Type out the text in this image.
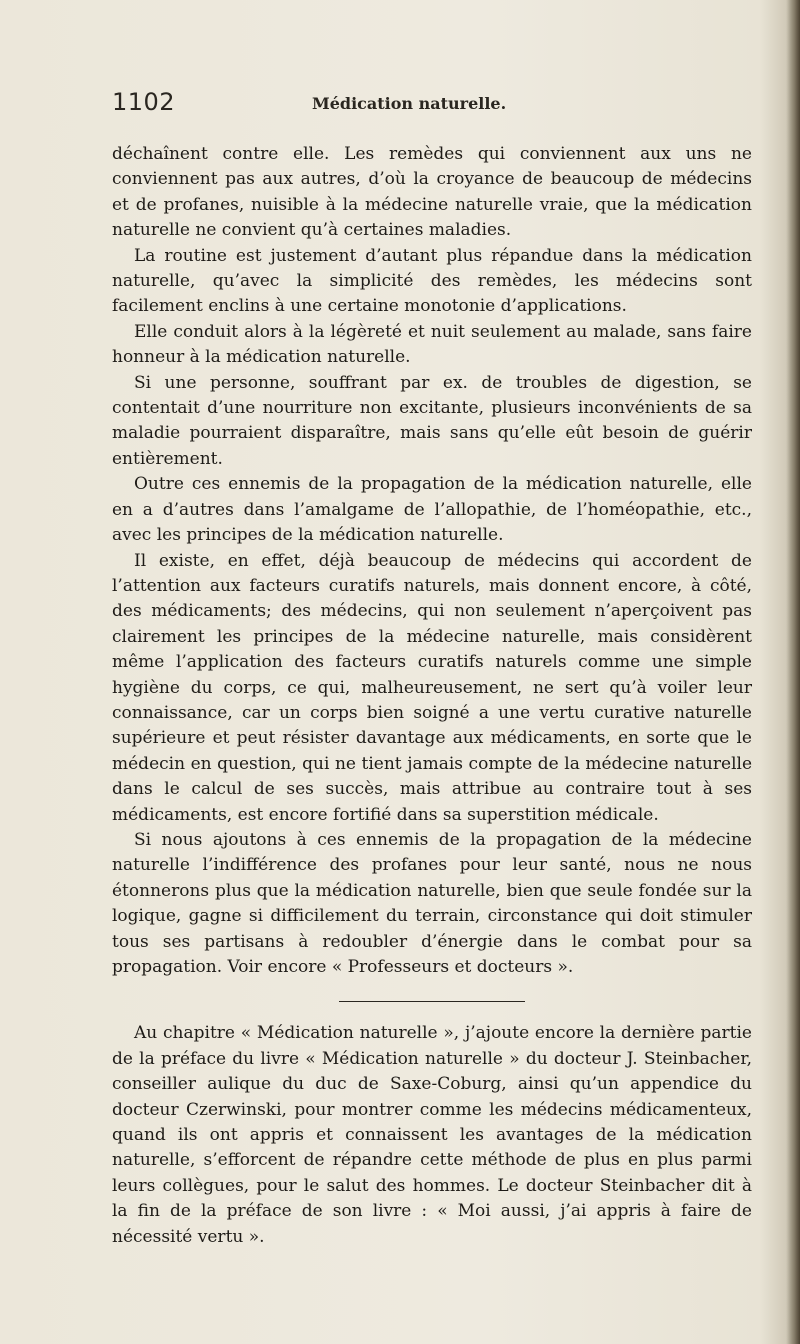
1102	Médication naturelle.

déchaînent contre elle. Les remèdes qui conviennent aux uns ne conviennent pas aux autres, d’où la croyance de beaucoup de médecins et de profanes, nuisible à la médecine naturelle vraie, que la médication naturelle ne convient qu’à certaines maladies.

La routine est justement d’autant plus répandue dans la médication naturelle, qu’avec la simplicité des remèdes, les médecins sont facilement enclins à une certaine monotonie d’applications.

Elle conduit alors à la légèreté et nuit seulement au malade, sans faire honneur à la médication naturelle.

Si une personne, souffrant par ex. de troubles de digestion, se contentait d’une nourriture non excitante, plusieurs inconvénients de sa maladie pourraient disparaître, mais sans qu’elle eût besoin de guérir entièrement.

Outre ces ennemis de la propagation de la médication naturelle, elle en a d’autres dans l’amalgame de l’allopathie, de l’homéopathie, etc., avec les principes de la médication naturelle.

Il existe, en effet, déjà beaucoup de médecins qui accordent de l’attention aux facteurs curatifs naturels, mais donnent encore, à côté, des médicaments; des médecins, qui non seulement n’aperçoivent pas clairement les principes de la médecine naturelle, mais considèrent même l’application des facteurs curatifs naturels comme une simple hygiène du corps, ce qui, malheureusement, ne sert qu’à voiler leur connaissance, car un corps bien soigné a une vertu curative naturelle supérieure et peut résister davantage aux médicaments, en sorte que le médecin en question, qui ne tient jamais compte de la médecine naturelle dans le calcul de ses succès, mais attribue au contraire tout à ses médicaments, est encore fortifié dans sa superstition médicale.

Si nous ajoutons à ces ennemis de la propagation de la médecine naturelle l’indifférence des profanes pour leur santé, nous ne nous étonnerons plus que la médication naturelle, bien que seule fondée sur la logique, gagne si difficilement du terrain, circonstance qui doit stimuler tous ses partisans à redoubler d’énergie dans le combat pour sa propagation. Voir encore « Professeurs et docteurs ».

Au chapitre « Médication naturelle », j’ajoute encore la dernière partie de la préface du livre « Médication naturelle » du docteur J. Steinbacher, conseiller aulique du duc de Saxe-Coburg, ainsi qu’un appendice du docteur Czerwinski, pour montrer comme les médecins médicamenteux, quand ils ont appris et connaissent les avantages de la médication naturelle, s’efforcent de répandre cette méthode de plus en plus parmi leurs collègues, pour le salut des hommes. Le docteur Steinbacher dit à la fin de la préface de son livre : « Moi aussi, j’ai appris à faire de nécessité vertu ».
